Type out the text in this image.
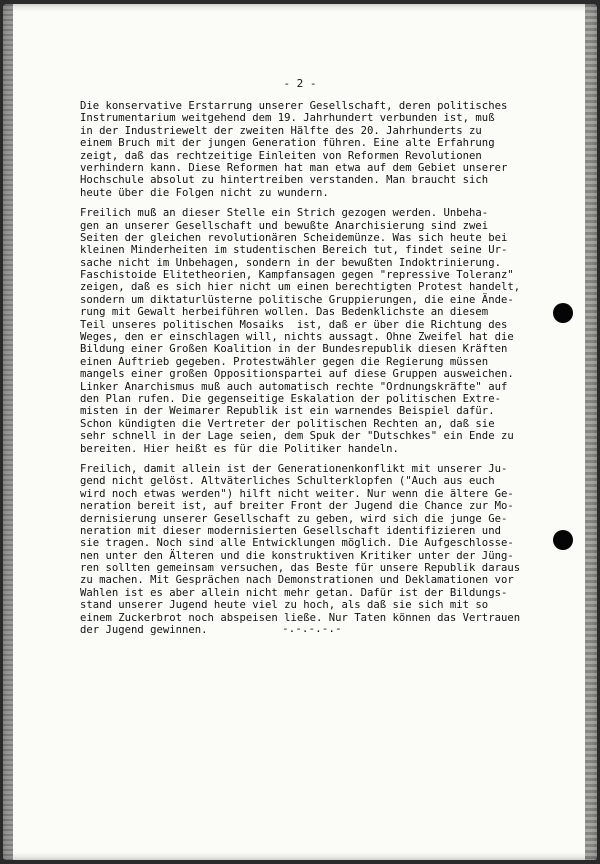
- 2 -
Die konservative Erstarrung unserer Gesellschaft, deren politisches
Instrumentarium weitgehend dem 19. Jahrhundert verbunden ist, muß
in der Industriewelt der zweiten Hälfte des 20. Jahrhunderts zu
einem Bruch mit der jungen Generation führen. Eine alte Erfahrung
zeigt, daß das rechtzeitige Einleiten von Reformen Revolutionen
verhindern kann. Diese Reformen hat man etwa auf dem Gebiet unserer
Hochschule absolut zu hintertreiben verstanden. Man braucht sich
heute über die Folgen nicht zu wundern.
Freilich muß an dieser Stelle ein Strich gezogen werden. Unbeha-
gen an unserer Gesellschaft und bewußte Anarchisierung sind zwei
Seiten der gleichen revolutionären Scheidemünze. Was sich heute bei
kleinen Minderheiten im studentischen Bereich tut, findet seine Ur-
sache nicht im Unbehagen, sondern in der bewußten Indoktrinierung.
Faschistoide Elitetheorien, Kampfansagen gegen "repressive Toleranz"
zeigen, daß es sich hier nicht um einen berechtigten Protest handelt,
sondern um diktaturlüsterne politische Gruppierungen, die eine Ände-
rung mit Gewalt herbeiführen wollen. Das Bedenklichste an diesem
Teil unseres politischen Mosaiks  ist, daß er über die Richtung des
Weges, den er einschlagen will, nichts aussagt. Ohne Zweifel hat die
Bildung einer Großen Koalition in der Bundesrepublik diesen Kräften
einen Auftrieb gegeben. Protestwähler gegen die Regierung müssen
mangels einer großen Oppositionspartei auf diese Gruppen ausweichen.
Linker Anarchismus muß auch automatisch rechte "Ordnungskräfte" auf
den Plan rufen. Die gegenseitige Eskalation der politischen Extre-
misten in der Weimarer Republik ist ein warnendes Beispiel dafür.
Schon kündigten die Vertreter der politischen Rechten an, daß sie
sehr schnell in der Lage seien, dem Spuk der "Dutschkes" ein Ende zu
bereiten. Hier heißt es für die Politiker handeln.
Freilich, damit allein ist der Generationenkonflikt mit unserer Ju-
gend nicht gelöst. Altväterliches Schulterklopfen ("Auch aus euch
wird noch etwas werden") hilft nicht weiter. Nur wenn die ältere Ge-
neration bereit ist, auf breiter Front der Jugend die Chance zur Mo-
dernisierung unserer Gesellschaft zu geben, wird sich die junge Ge-
neration mit dieser modernisierten Gesellschaft identifizieren und
sie tragen. Noch sind alle Entwicklungen möglich. Die Aufgeschlosse-
nen unter den Älteren und die konstruktiven Kritiker unter der Jüng-
ren sollten gemeinsam versuchen, das Beste für unsere Republik daraus
zu machen. Mit Gesprächen nach Demonstrationen und Deklamationen vor
Wahlen ist es aber allein nicht mehr getan. Dafür ist der Bildungs-
stand unserer Jugend heute viel zu hoch, als daß sie sich mit so
einem Zuckerbrot noch abspeisen ließe. Nur Taten können das Vertrauen
der Jugend gewinnen.	-.-.-.-.-
